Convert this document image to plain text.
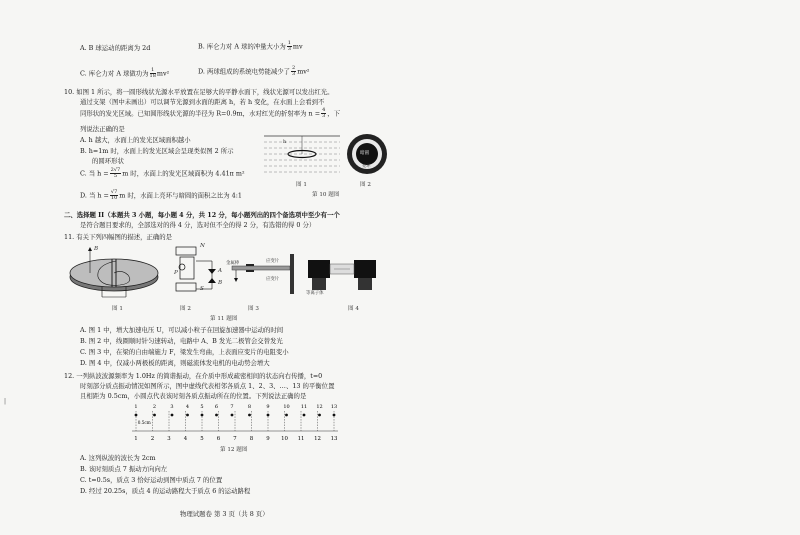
A. B 球运动的距离为 2d	B. 库仑力对 A 球的冲量大小为 $\frac{1}{3}$ mv
C. 库仑力对 A 球做功为 $\frac{1}{18} mv^2$	D. 两球组成的系统电势能减少了 $\frac{2}{3} mv^2$
10. 如图 1 所示，将一圆形线状光源水平放置在足够大的平静水面下，线状光源可以发出红光。
通过支架（图中未画出）可以调节光源到水面的距离 h，若 h 变化，在水面上会看到不
同形状的发光区域。已知圆形线状光源的半径为 R=0.9m，水对红光的折射率为 $n = \frac{4}{3}$ ，下
列说法正确的是
A. h 越大，水面上的发光区域面积越小
B. h=1m 时，水面上的发光区域会呈现类似图 2 所示
的圆环形状
C. 当 $h = \frac{2√7}{5}$ m 时，水面上的发光区域面积为 4.41π m²
D. 当 $h = \frac{√7}{10}$ m 时，水面上亮环与暗圆的面积之比为 4:1
h
图 1
暗圆
亮环
图 2
第 10 题图
二、选择题 II（本题共 3 小题，每小题 4 分，共 12 分，每小题列出的四个备选项中至少有一个
是符合题目要求的，全部选对的得 4 分，选对但不全的得 2 分，有选错的得 0 分）
11. 有关下列四幅图的描述，正确的是
B
图 1
N
S
A
B
P
图 2
金属棒	应变片
应变片
图 3
等离子体
图 4
第 11 题图
A. 图 1 中，增大加速电压 U，可以减小粒子在回旋加速器中运动的时间
B. 图 2 中，线圈顺时针匀速转动，电路中 A、B 发光二极管会交替发光
C. 图 3 中，在梁的自由端施力 F，梁发生弯曲，上表面应变片的电阻变小
D. 图 4 中，仅减小两极板的距离，则磁流体发电机的电动势会增大
12. 一列纵波波源频率为 1.0Hz 的简谐振动，在介质中形成疏密相间的状态向右传播，t=0
时刻部分质点振动情况如图所示，图中虚线代表相邻各质点 1、2、3、…、13 的平衡位置
且相距为 0.5cm，小圆点代表该时刻各质点振动所在的位置。下列说法正确的是
1
1
2
2
3
3
4
4
5
5
6
6
7
7
8
8
9
9
10
10
11
11
12
12
13
13
0.5cm
第 12 题图
A. 这列纵波的波长为 2cm
B. 该时刻质点 7 振动方向向左
C. t=0.5s，质点 3 恰好运动到图中质点 7 的位置
D. 经过 20.25s，质点 4 的运动路程大于质点 6 的运动路程
物理试题卷 第 3 页（共 8 页）
|
